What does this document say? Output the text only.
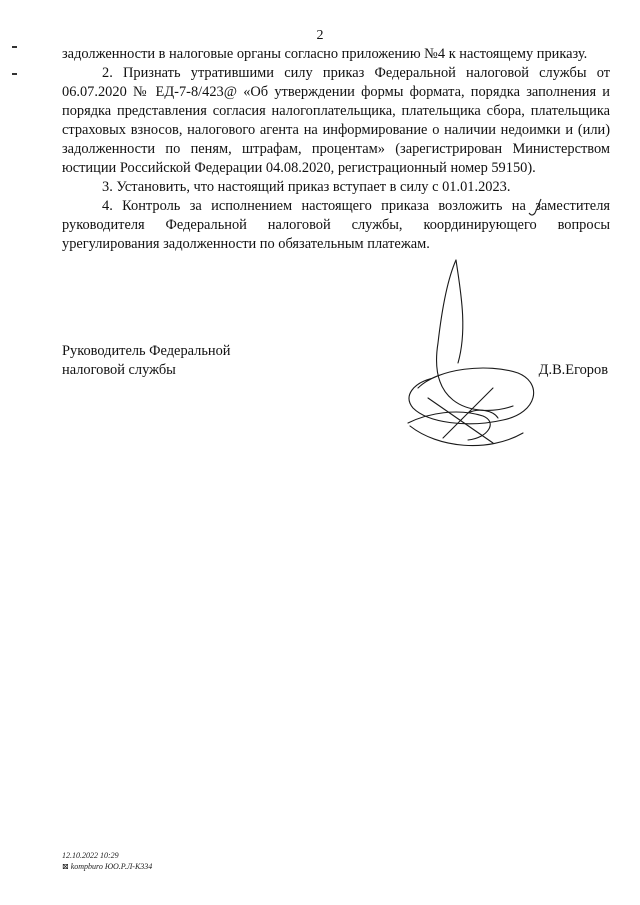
2

задолженности в налоговые органы согласно приложению №4 к настоящему приказу.

2. Признать утратившими силу приказ Федеральной налоговой службы от 06.07.2020 № ЕД-7-8/423@ «Об утверждении формы формата, порядка заполнения и порядка представления согласия налогоплательщика, плательщика сбора, плательщика страховых взносов, налогового агента на информирование о наличии недоимки и (или) задолженности по пеням, штрафам, процентам» (зарегистрирован Министерством юстиции Российской Федерации 04.08.2020, регистрационный номер 59150).

3. Установить, что настоящий приказ вступает в силу с 01.01.2023.

4. Контроль за исполнением настоящего приказа возложить на заместителя руководителя Федеральной налоговой службы, координирующего вопросы урегулирования задолженности по обязательным платежам.

Руководитель Федеральной

налоговой службы	Д.В.Егоров
12.10.2022 10:29
⊠ kompburo ЮО.Р.Л-К334
